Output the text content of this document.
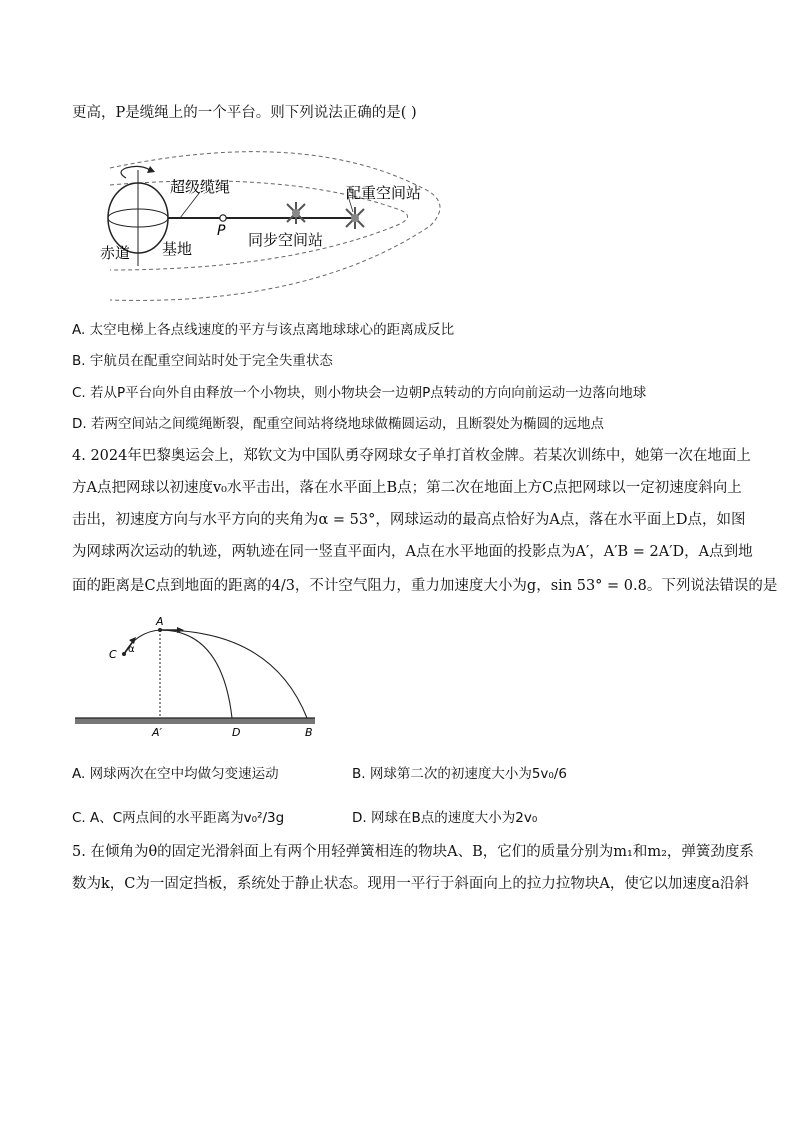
更高，P是缆绳上的一个平台。则下列说法正确的是( )
超级缆绳	配重空间站
赤道 基地
P 同步空间站
A. 太空电梯上各点线速度的平方与该点离地球球心的距离成反比
B. 宇航员在配重空间站时处于完全失重状态
C. 若从P平台向外自由释放一个小物块，则小物块会一边朝P点转动的方向向前运动一边落向地球
D. 若两空间站之间缆绳断裂，配重空间站将绕地球做椭圆运动，且断裂处为椭圆的远地点
4. 2024年巴黎奥运会上，郑钦文为中国队勇夺网球女子单打首枚金牌。若某次训练中，她第一次在地面上
方A点把网球以初速度v₀水平击出，落在水平面上B点；第二次在地面上方C点把网球以一定初速度斜向上
击出，初速度方向与水平方向的夹角为α = 53°，网球运动的最高点恰好为A点，落在水平面上D点，如图
为网球两次运动的轨迹，两轨迹在同一竖直平面内，A点在水平地面的投影点为A′，A′B = 2A′D，A点到地
面的距离是C点到地面的距离的4/3，不计空气阻力，重力加速度大小为g，sin 53° = 0.8。下列说法错误的是
A
C α
A′	D	B
A. 网球两次在空中均做匀变速运动	B. 网球第二次的初速度大小为5v₀/6
C. A、C两点间的水平距离为v₀²/3g	D. 网球在B点的速度大小为2v₀
5. 在倾角为θ的固定光滑斜面上有两个用轻弹簧相连的物块A、B，它们的质量分别为m₁和m₂，弹簧劲度系
数为k，C为一固定挡板，系统处于静止状态。现用一平行于斜面向上的拉力拉物块A，使它以加速度a沿斜
